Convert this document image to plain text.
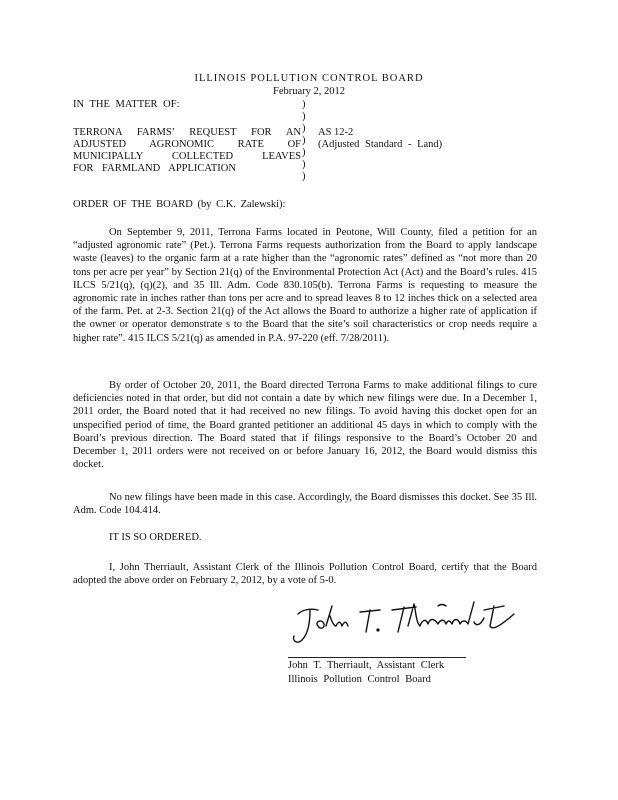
ILLINOIS POLLUTION CONTROL BOARD
February 2, 2012
IN THE MATTER OF:
TERRONA FARMS’ REQUEST FOR AN
ADJUSTED AGRONOMIC RATE OF
MUNICIPALLY COLLECTED LEAVES
FOR FARMLAND APPLICATION
)
)
)
)
)
)
)
AS 12-2
(Adjusted Standard - Land)
ORDER OF THE BOARD (by C.K. Zalewski):

On September 9, 2011, Terrona Farms located in Peotone, Will County, filed a petition for an “adjusted agronomic rate” (Pet.). Terrona Farms requests authorization from the Board to apply landscape waste (leaves) to the organic farm at a rate higher than the “agronomic rates” defined as “not more than 20 tons per acre per year” by Section 21(q) of the Environmental Protection Act (Act) and the Board’s rules. 415 ILCS 5/21(q), (q)(2), and 35 Ill. Adm. Code 830.105(b). Terrona Farms is requesting to measure the agronomic rate in inches rather than tons per acre and to spread leaves 8 to 12 inches thick on a selected area of the farm. Pet. at 2-3. Section 21(q) of the Act allows the Board to authorize a higher rate of application if the owner or operator demonstrate s to the Board that the site’s soil characteristics or crop needs require a higher rate”. 415 ILCS 5/21(q) as amended in P.A. 97-220 (eff. 7/28/2011).

By order of October 20, 2011, the Board directed Terrona Farms to make additional filings to cure deficiencies noted in that order, but did not contain a date by which new filings were due. In a December 1, 2011 order, the Board noted that it had received no new filings. To avoid having this docket open for an unspecified period of time, the Board granted petitioner an additional 45 days in which to comply with the Board’s previous direction. The Board stated that if filings responsive to the Board’s October 20 and December 1, 2011 orders were not received on or before January 16, 2012, the Board would dismiss this docket.

No new filings have been made in this case. Accordingly, the Board dismisses this docket. See 35 Ill. Adm. Code 104.414.

IT IS SO ORDERED.

I, John Therriault, Assistant Clerk of the Illinois Pollution Control Board, certify that the Board adopted the above order on February 2, 2012, by a vote of 5-0.

John T. Therriault, Assistant Clerk
Illinois Pollution Control Board
